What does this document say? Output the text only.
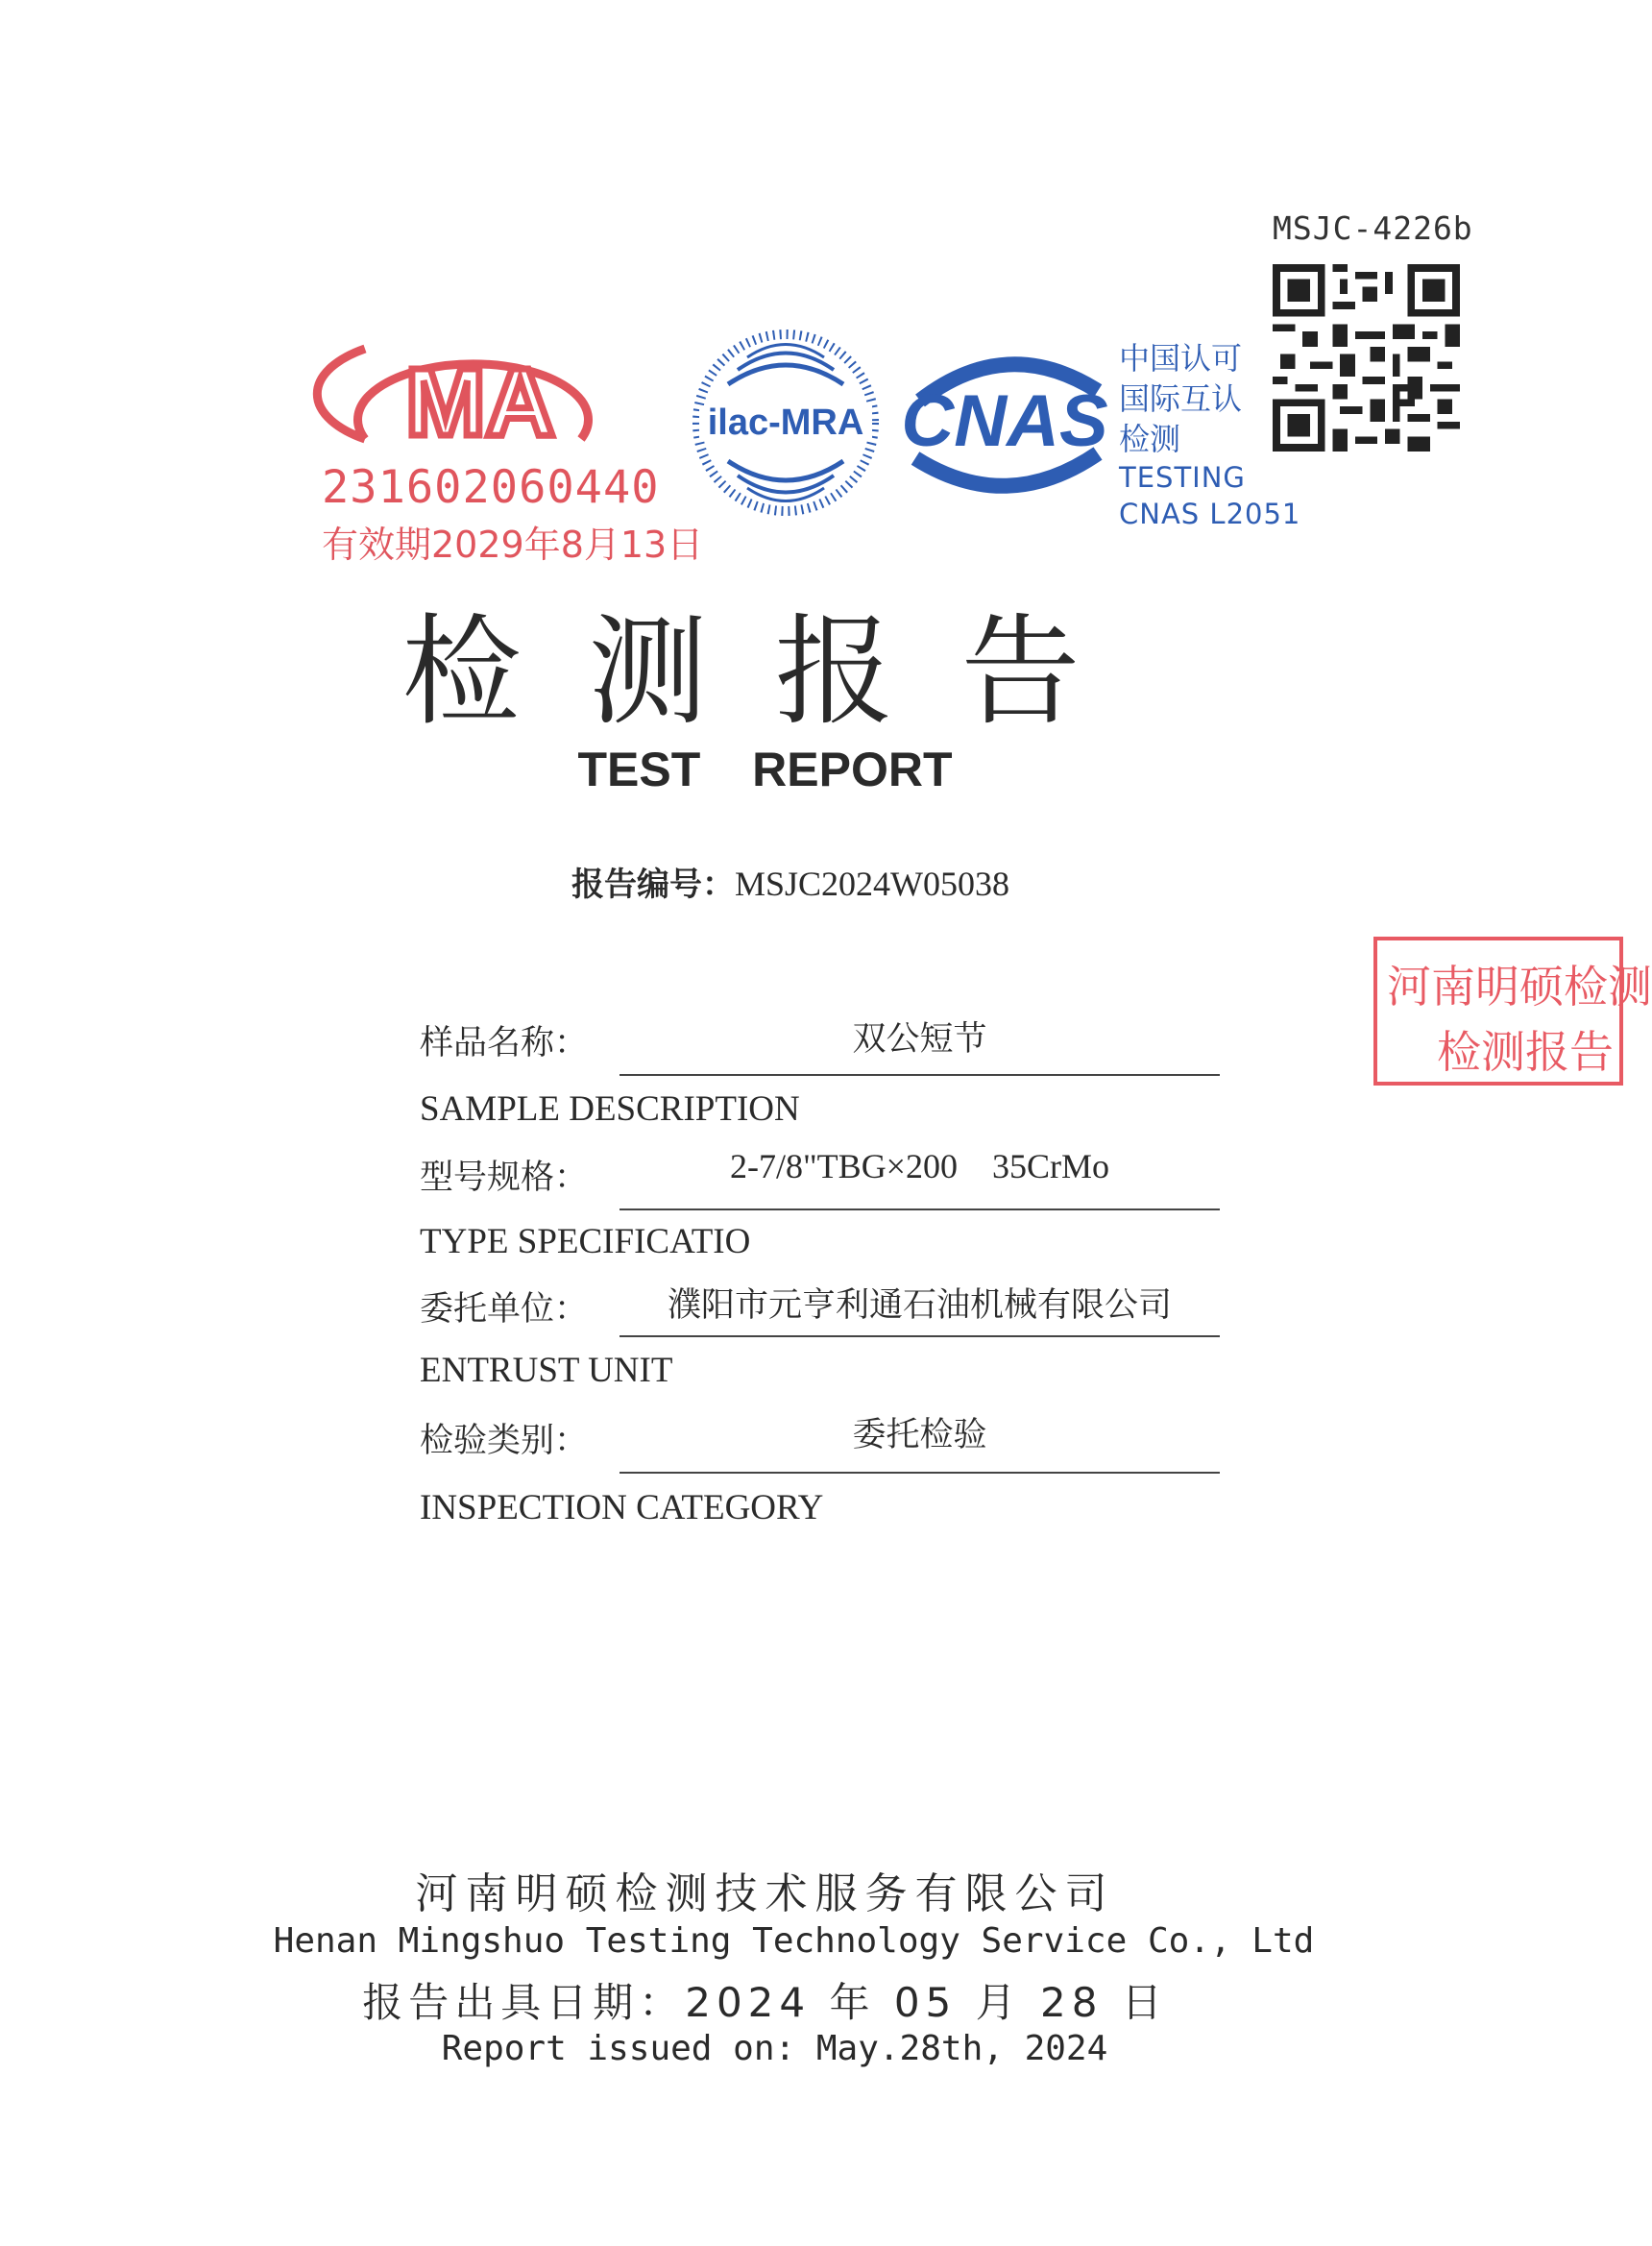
MSJC-4226b
MA
231602060440
有效期2029年8月13日
ilac-MRA CNAS
中国认可
国际互认
检测
TESTING
CNAS L2051
检测报告
TEST REPORT
报告编号：MSJC2024W05038
河南明硕检测
检测报告
样品名称：	双公短节
SAMPLE DESCRIPTION
型号规格：	2-7/8"TBG×200    35CrMo
TYPE SPECIFICATIO
委托单位：	濮阳市元亨利通石油机械有限公司
ENTRUST UNIT
检验类别：	委托检验
INSPECTION CATEGORY
河南明硕检测技术服务有限公司
Henan Mingshuo Testing Technology Service Co., Ltd
报告出具日期：2024 年 05 月 28 日
Report issued on: May.28th, 2024
